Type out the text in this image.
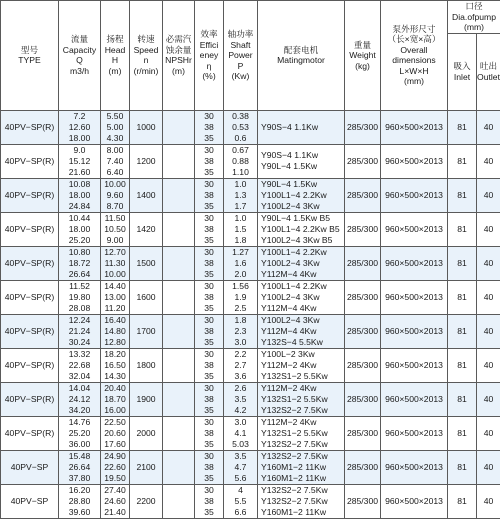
型号
TYPE	流量
Capacity
Q
m3/h	扬程
Head
H
(m)	转速
Speed
n
(r/min)	必需汽
蚀余量
NPSHr
(m)	效率
Effici
eney
η
(%)	轴功率
Shaft
Power
P
(Kw)	配套电机
Matingmotor	重量
Weight
(kg)	泵外形尺寸
（长×宽×高）
Overall dimensions
L×W×H
(mm)	口径
Dia.ofpump
(mm)	
										吸入
Inlet	吐出
Outlet
40PV−SP(R)	7.2
12.60
18.00	5.50
5.00
4.30	1000		30
38
35	0.38
0.53
0.6	Y90S−4 1.1Kw	285/300	960×500×2013	81	40
40PV−SP(R)	9.0
15.12
21.60	8.00
7.40
6.40	1200		30
38
35	0.67
0.88
1.10	Y90S−4 1.1Kw
Y90L−4 1.5Kw	285/300	960×500×2013	81	40
40PV−SP(R)	10.08
18.00
24.84	10.00
9.60
8.70	1400		30
38
35	1.0
1.3
1.7	Y90L−4 1.5Kw
Y100L1−4 2.2Kw
Y100L2−4 3Kw	285/300	960×500×2013	81	40
40PV−SP(R)	10.44
18.00
25.20	11.50
10.50
9.00	1420		30
38
35	1.0
1.5
1.8	Y90L−4 1.5Kw B5
Y100L1−4 2.2Kw B5
Y100L2−4 3Kw B5	285/300	960×500×2013	81	40
40PV−SP(R)	10.80
18.72
26.64	12.70
11.30
10.00	1500		30
38
35	1.27
1.6
2.0	Y100L1−4 2.2Kw
Y100L2−4 3Kw
Y112M−4 4Kw	285/300	960×500×2013	81	40
40PV−SP(R)	11.52
19.80
28.08	14.40
13.00
11.20	1600		30
38
35	1.56
1.9
2.5	Y100L1−4 2.2Kw
Y100L2−4 3Kw
Y112M−4 4Kw	285/300	960×500×2013	81	40
40PV−SP(R)	12.24
21.24
30.24	16.40
14.80
12.80	1700		30
38
35	1.8
2.3
3.0	Y100L2−4 3Kw
Y112M−4 4Kw
Y132S−4 5.5Kw	285/300	960×500×2013	81	40
40PV−SP(R)	13.32
22.68
32.04	18.20
16.50
14.30	1800		30
38
35	2.2
2.7
3.6	Y100L−2 3Kw
Y112M−2 4Kw
Y132S1−2 5.5Kw	285/300	960×500×2013	81	40
40PV−SP(R)	14.04
24.12
34.20	20.40
18.70
16.00	1900		30
38
35	2.6
3.5
4.2	Y112M−2 4Kw
Y132S1−2 5.5Kw
Y132S2−2 7.5Kw	285/300	960×500×2013	81	40
40PV−SP(R)	14.76
25.20
36.00	22.50
20.60
17.60	2000		30
38
35	3.0
4.1
5.03	Y112M−2 4Kw
Y132S1−2 5.5Kw
Y132S2−2 7.5Kw	285/300	960×500×2013	81	40
40PV−SP	15.48
26.64
37.80	24.90
22.60
19.50	2100		30
38
35	3.5
4.7
5.6	Y132S2−2 7.5Kw
Y160M1−2 11Kw
Y160M1−2 11Kw	285/300	960×500×2013	81	40
40PV−SP	16.20
28.80
39.60	27.40
24.60
21.40	2200		30
38
35	4
5.5
6.6	Y132S2−2 7.5Kw
Y132S2−2 7.5Kw
Y160M1−2 11Kw	285/300	960×500×2013	81	40
